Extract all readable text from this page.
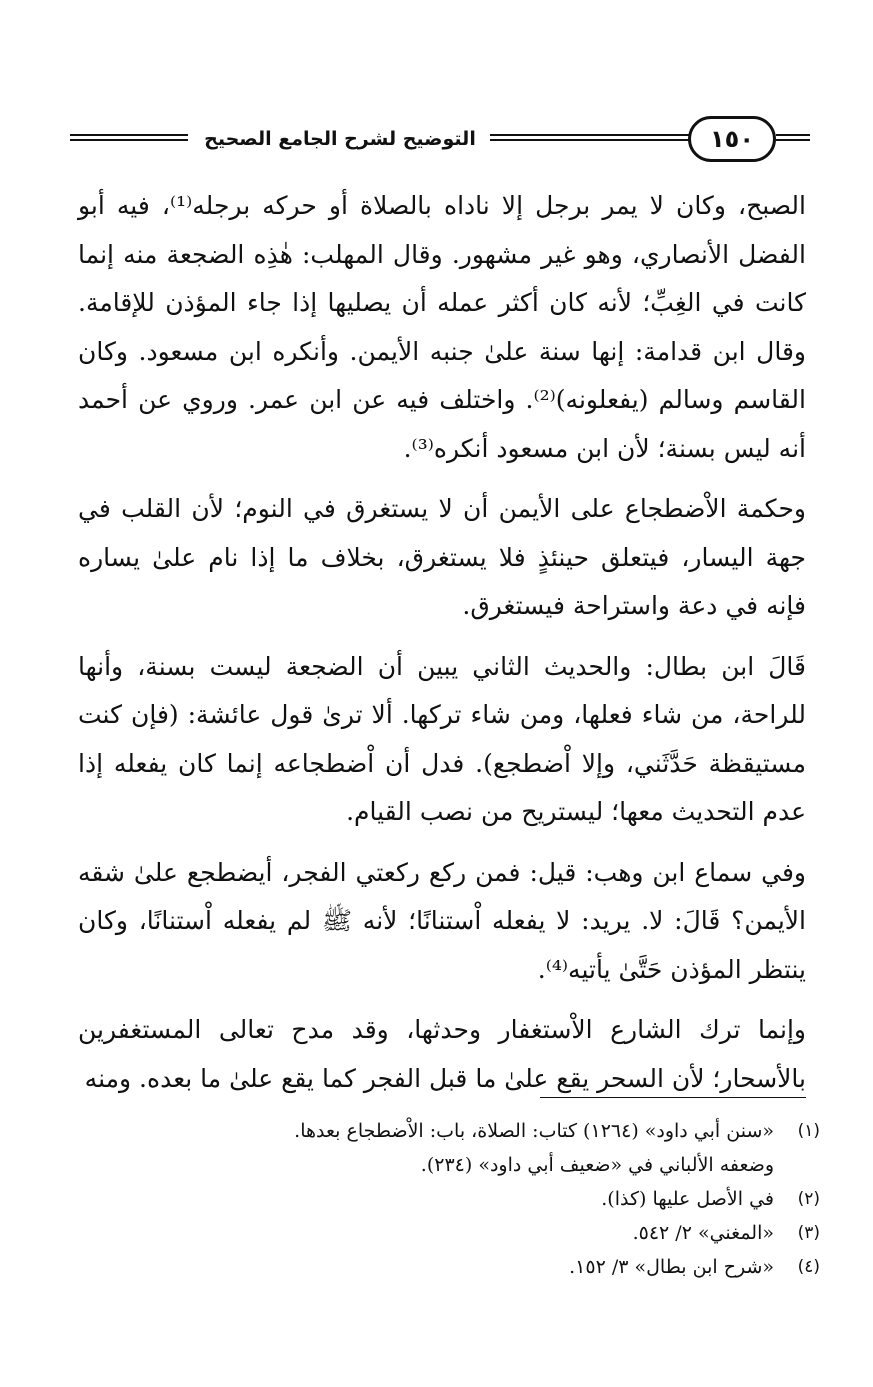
التوضيح لشرح الجامع الصحيح	١٥٠

الصبح، وكان لا يمر برجل إلا ناداه بالصلاة أو حركه برجله⁽¹⁾، فيه أبو الفضل الأنصاري، وهو غير مشهور. وقال المهلب: هٰذِه الضجعة منه إنما كانت في الغِبِّ؛ لأنه كان أكثر عمله أن يصليها إذا جاء المؤذن للإقامة. وقال ابن قدامة: إنها سنة علىٰ جنبه الأيمن. وأنكره ابن مسعود. وكان القاسم وسالم (يفعلونه)⁽²⁾. واختلف فيه عن ابن عمر. وروي عن أحمد أنه ليس بسنة؛ لأن ابن مسعود أنكره⁽³⁾.

وحكمة الاْضطجاع على الأيمن أن لا يستغرق في النوم؛ لأن القلب في جهة اليسار، فيتعلق حينئذٍ فلا يستغرق، بخلاف ما إذا نام علىٰ يساره فإنه في دعة واستراحة فيستغرق.

قَالَ ابن بطال: والحديث الثاني يبين أن الضجعة ليست بسنة، وأنها للراحة، من شاء فعلها، ومن شاء تركها. ألا ترىٰ قول عائشة: (فإن كنت مستيقظة حَدَّثَني، وإلا اْضطجع). فدل أن اْضطجاعه إنما كان يفعله إذا عدم التحديث معها؛ ليستريح من نصب القيام.

وفي سماع ابن وهب: قيل: فمن ركع ركعتي الفجر، أيضطجع علىٰ شقه الأيمن؟ قَالَ: لا. يريد: لا يفعله اْستنانًا؛ لأنه ﷺ لم يفعله اْستنانًا، وكان ينتظر المؤذن حَتَّىٰ يأتيه⁽⁴⁾.

وإنما ترك الشارع الاْستغفار وحدثها، وقد مدح تعالى المستغفرين بالأسحار؛ لأن السحر يقع علىٰ ما قبل الفجر كما يقع علىٰ ما بعده. ومنه

(١)
«سنن أبي داود» (١٢٦٤) كتاب: الصلاة، باب: الاْضطجاع بعدها.
وضعفه الألباني في «ضعيف أبي داود» (٢٣٤).
(٢)
في الأصل عليها (كذا).
(٣)
«المغني» ٢/ ٥٤٢.
(٤)
«شرح ابن بطال» ٣/ ١٥٢.
